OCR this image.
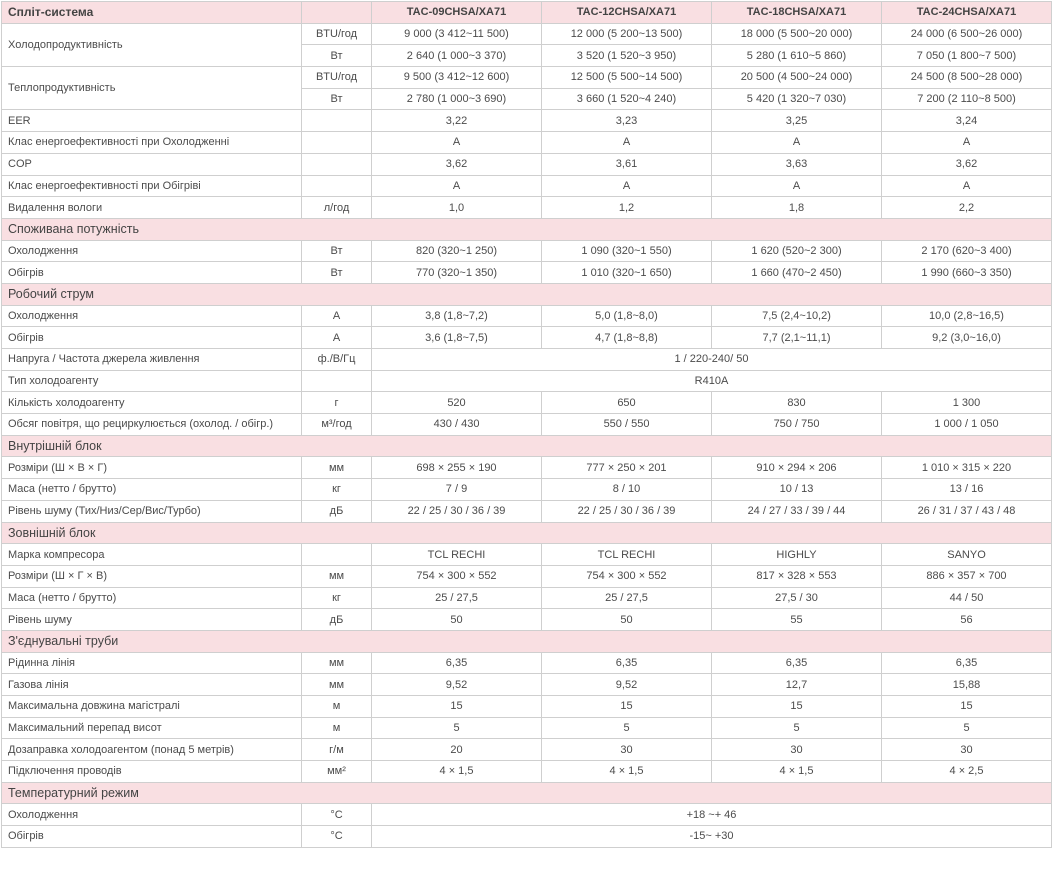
Спліт-система		TAC-09CHSA/XA71	TAC-12CHSA/XA71	TAC-18CHSA/XA71	TAC-24CHSA/XA71
Холодопродуктивність	BTU/год	9 000 (3 412~11 500)	12 000 (5 200~13 500)	18 000 (5 500~20 000)	24 000 (6 500~26 000)
	Вт	2 640 (1 000~3 370)	3 520 (1 520~3 950)	5 280 (1 610~5 860)	7 050 (1 800~7 500)
Теплопродуктивність	BTU/год	9 500 (3 412~12 600)	12 500 (5 500~14 500)	20 500 (4 500~24 000)	24 500 (8 500~28 000)
	Вт	2 780 (1 000~3 690)	3 660 (1 520~4 240)	5 420 (1 320~7 030)	7 200 (2 110~8 500)
EER		3,22	3,23	3,25	3,24
Клас енергоефективності при Охолодженні		A	A	A	A
COP		3,62	3,61	3,63	3,62
Клас енергоефективності при Обігріві		A	A	A	A
Видалення вологи	л/год	1,0	1,2	1,8	2,2
Споживана потужність					
Охолодження	Вт	820 (320~1 250)	1 090 (320~1 550)	1 620 (520~2 300)	2 170 (620~3 400)
Обігрів	Вт	770 (320~1 350)	1 010 (320~1 650)	1 660 (470~2 450)	1 990 (660~3 350)
Робочий струм					
Охолодження	A	3,8 (1,8~7,2)	5,0 (1,8~8,0)	7,5 (2,4~10,2)	10,0 (2,8~16,5)
Обігрів	A	3,6 (1,8~7,5)	4,7 (1,8~8,8)	7,7 (2,1~11,1)	9,2 (3,0~16,0)
Напруга / Частота джерела живлення	ф./В/Гц	1 / 220-240/ 50			
Тип холодоагенту		R410A			
Кількість холодоагенту	г	520	650	830	1 300
Обсяг повітря, що рециркулюється (охолод. / обігр.)	м³/год	430 / 430	550 / 550	750 / 750	1 000 / 1 050
Внутрішній блок					
Розміри (Ш × В × Г)	мм	698 × 255 × 190	777 × 250 × 201	910 × 294 × 206	1 010 × 315 × 220
Маса (нетто / брутто)	кг	7 / 9	8 / 10	10 / 13	13 / 16
Рівень шуму (Тих/Низ/Сер/Вис/Турбо)	дБ	22 / 25 / 30 / 36 / 39	22 / 25 / 30 / 36 / 39	24 / 27 / 33 / 39 / 44	26 / 31 / 37 / 43 / 48
Зовнішній блок					
Марка компресора		TCL RECHI	TCL RECHI	HIGHLY	SANYO
Розміри (Ш × Г × В)	мм	754 × 300 × 552	754 × 300 × 552	817 × 328 × 553	886 × 357 × 700
Маса (нетто / брутто)	кг	25 / 27,5	25 / 27,5	27,5 / 30	44 / 50
Рівень шуму	дБ	50	50	55	56
З'єднувальні труби					
Рідинна лінія	мм	6,35	6,35	6,35	6,35
Газова лінія	мм	9,52	9,52	12,7	15,88
Максимальна довжина магістралі	м	15	15	15	15
Максимальний перепад висот	м	5	5	5	5
Дозаправка холодоагентом (понад 5 метрів)	г/м	20	30	30	30
Підключення проводів	мм²	4 × 1,5	4 × 1,5	4 × 1,5	4 × 2,5
Температурний режим					
Охолодження	°C	+18 ~+ 46			
Обігрів	°C	-15~ +30			
